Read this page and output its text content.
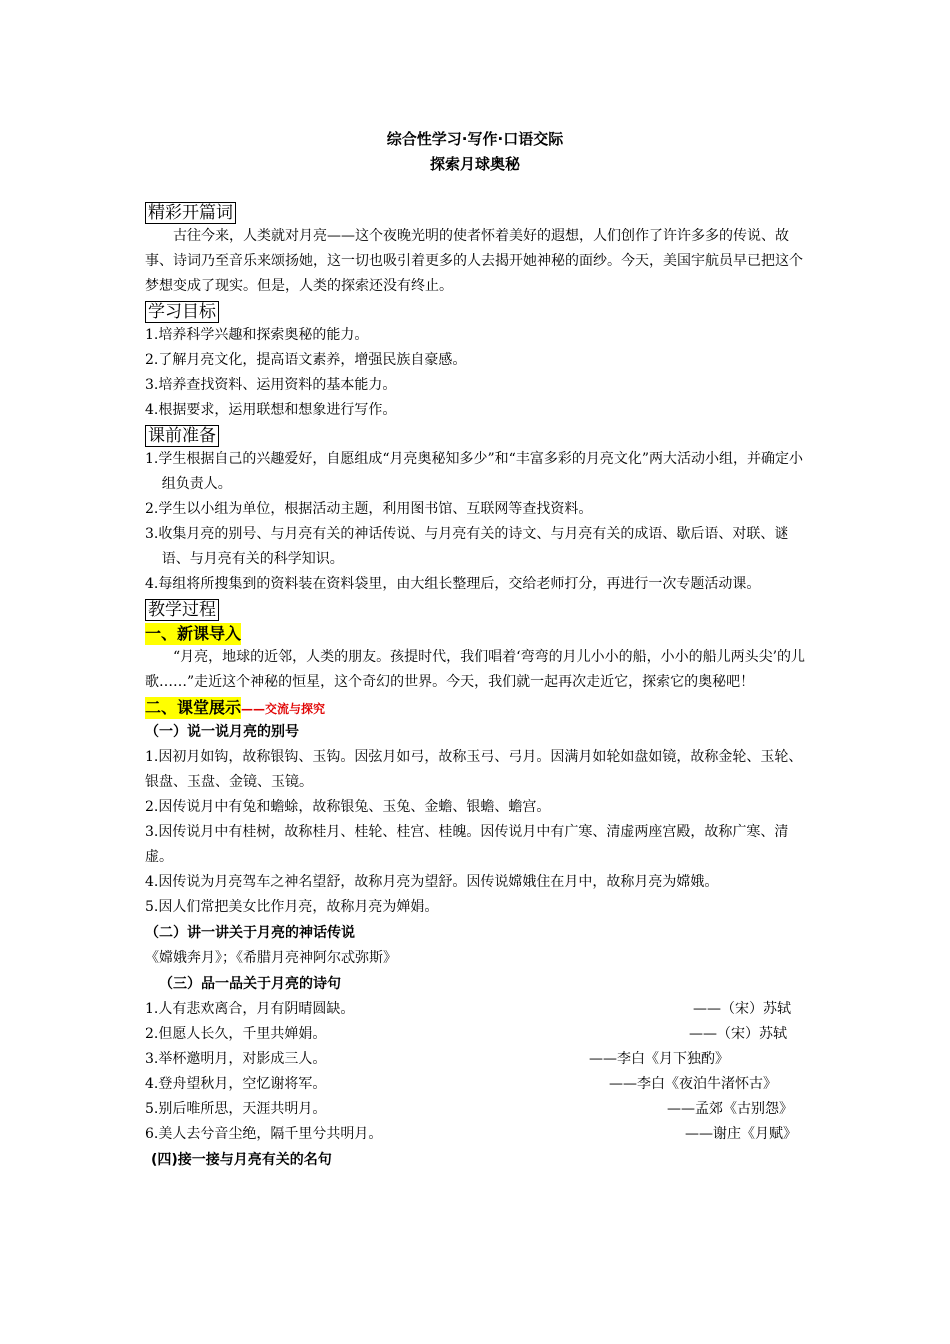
综合性学习·写作·口语交际
探索月球奥秘
精彩开篇词
古往今来，人类就对月亮——这个夜晚光明的使者怀着美好的遐想，人们创作了许许多多的传说、故事、诗词乃至音乐来颂扬她，这一切也吸引着更多的人去揭开她神秘的面纱。今天，美国宇航员早已把这个梦想变成了现实。但是，人类的探索还没有终止。
学习目标
1.培养科学兴趣和探索奥秘的能力。
2.了解月亮文化，提高语文素养，增强民族自豪感。
3.培养查找资料、运用资料的基本能力。
4.根据要求，运用联想和想象进行写作。
课前准备
1.学生根据自己的兴趣爱好，自愿组成“月亮奥秘知多少”和“丰富多彩的月亮文化”两大活动小组，并确定小组负责人。
2.学生以小组为单位，根据活动主题，利用图书馆、互联网等查找资料。
3.收集月亮的别号、与月亮有关的神话传说、与月亮有关的诗文、与月亮有关的成语、歇后语、对联、谜语、与月亮有关的科学知识。
4.每组将所搜集到的资料装在资料袋里，由大组长整理后，交给老师打分，再进行一次专题活动课。
教学过程
一、新课导入
“月亮，地球的近邻，人类的朋友。孩提时代，我们唱着‘弯弯的月儿小小的船，小小的船儿两头尖’的儿歌……”走近这个神秘的恒星，这个奇幻的世界。今天，我们就一起再次走近它，探索它的奥秘吧！
二、课堂展示——交流与探究
（一）说一说月亮的别号
1.因初月如钩，故称银钩、玉钩。因弦月如弓，故称玉弓、弓月。因满月如轮如盘如镜，故称金轮、玉轮、银盘、玉盘、金镜、玉镜。
2.因传说月中有兔和蟾蜍，故称银兔、玉兔、金蟾、银蟾、蟾宫。
3.因传说月中有桂树，故称桂月、桂轮、桂宫、桂魄。因传说月中有广寒、清虚两座宫殿，故称广寒、清虚。
4.因传说为月亮驾车之神名望舒，故称月亮为望舒。因传说嫦娥住在月中，故称月亮为嫦娥。
5.因人们常把美女比作月亮，故称月亮为婵娟。
（二）讲一讲关于月亮的神话传说
《嫦娥奔月》；《希腊月亮神阿尔忒弥斯》
（三）品一品关于月亮的诗句
1.人有悲欢离合，月有阴晴圆缺。	——（宋）苏轼
2.但愿人长久，千里共婵娟。	——（宋）苏轼
3.举杯邀明月，对影成三人。	——李白《月下独酌》
4.登舟望秋月，空忆谢将军。	——李白《夜泊牛渚怀古》
5.别后唯所思，天涯共明月。	——孟郊《古别怨》
6.美人去兮音尘绝，隔千里兮共明月。	——谢庄《月赋》
(四)接一接与月亮有关的名句
